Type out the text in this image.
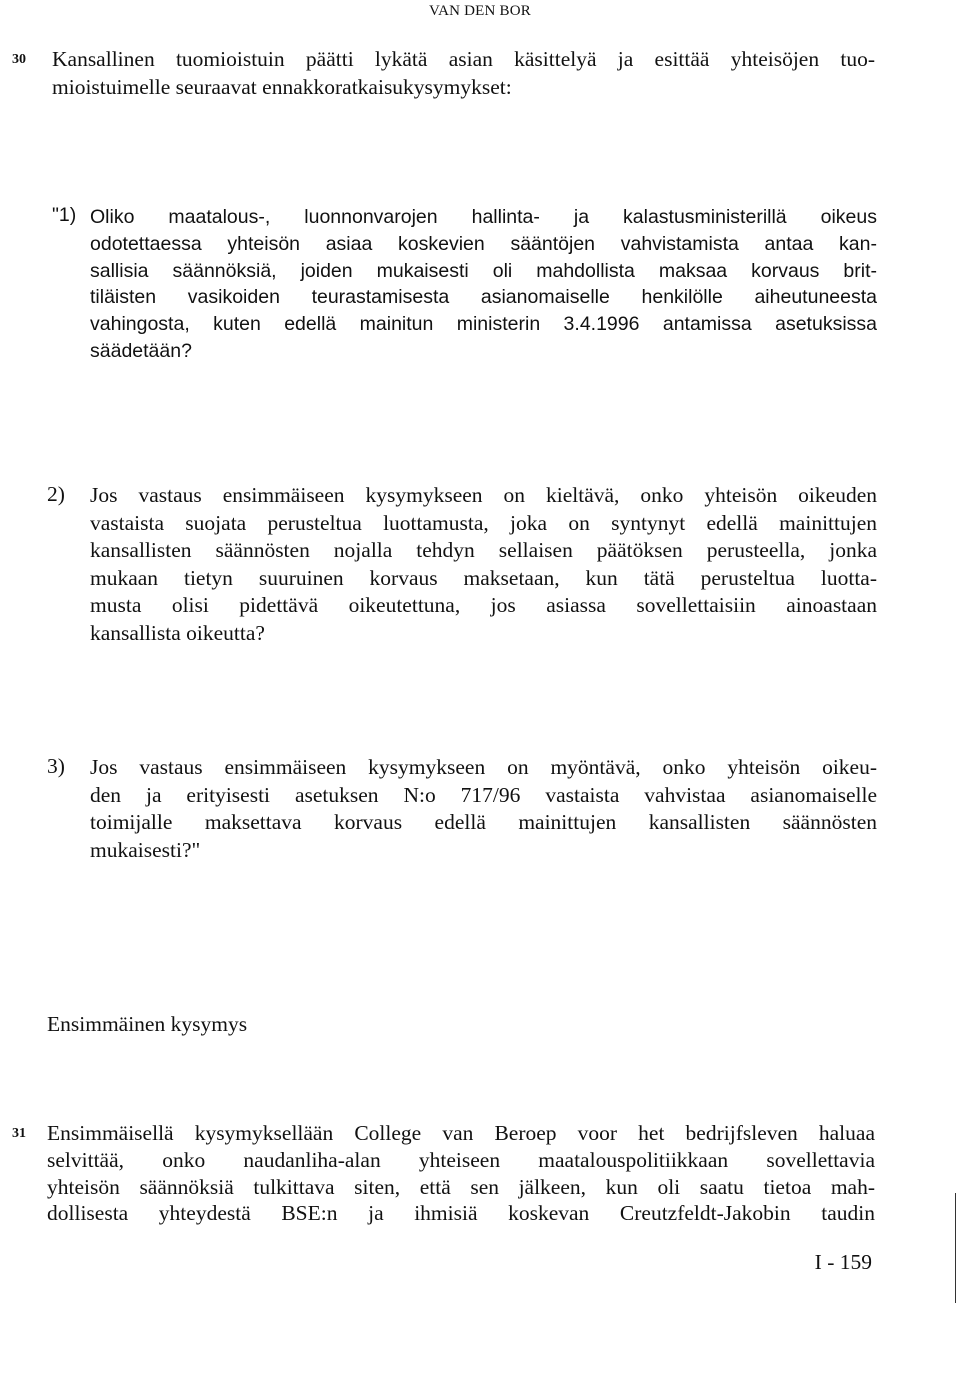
VAN DEN BOR
30 Kansallinen tuomioistuin päätti lykätä asian käsittelyä ja esittää yhteisöjen tuo-
mioistuimelle seuraavat ennakkoratkaisukysymykset:
"1) Oliko maatalous-, luonnonvarojen hallinta- ja kalastusministerillä oikeus
odotettaessa yhteisön asiaa koskevien sääntöjen vahvistamista antaa kan-
sallisia säännöksiä, joiden mukaisesti oli mahdollista maksaa korvaus brit-
tiläisten vasikoiden teurastamisesta asianomaiselle henkilölle aiheutuneesta
vahingosta, kuten edellä mainitun ministerin 3.4.1996 antamissa asetuksissa
säädetään?
2) Jos vastaus ensimmäiseen kysymykseen on kieltävä, onko yhteisön oikeuden
vastaista suojata perusteltua luottamusta, joka on syntynyt edellä mainittujen
kansallisten säännösten nojalla tehdyn sellaisen päätöksen perusteella, jonka
mukaan tietyn suuruinen korvaus maksetaan, kun tätä perusteltua luotta-
musta olisi pidettävä oikeutettuna, jos asiassa sovellettaisiin ainoastaan
kansallista oikeutta?
3) Jos vastaus ensimmäiseen kysymykseen on myöntävä, onko yhteisön oikeu-
den ja erityisesti asetuksen N:o 717/96 vastaista vahvistaa asianomaiselle
toimijalle maksettava korvaus edellä mainittujen kansallisten säännösten
mukaisesti?"
Ensimmäinen kysymys
31 Ensimmäisellä kysymyksellään College van Beroep voor het bedrijfsleven haluaa
selvittää, onko naudanliha-alan yhteiseen maatalouspolitiikkaan sovellettavia
yhteisön säännöksiä tulkittava siten, että sen jälkeen, kun oli saatu tietoa mah-
dollisesta yhteydestä BSE:n ja ihmisiä koskevan Creutzfeldt-Jakobin taudin
I - 159
